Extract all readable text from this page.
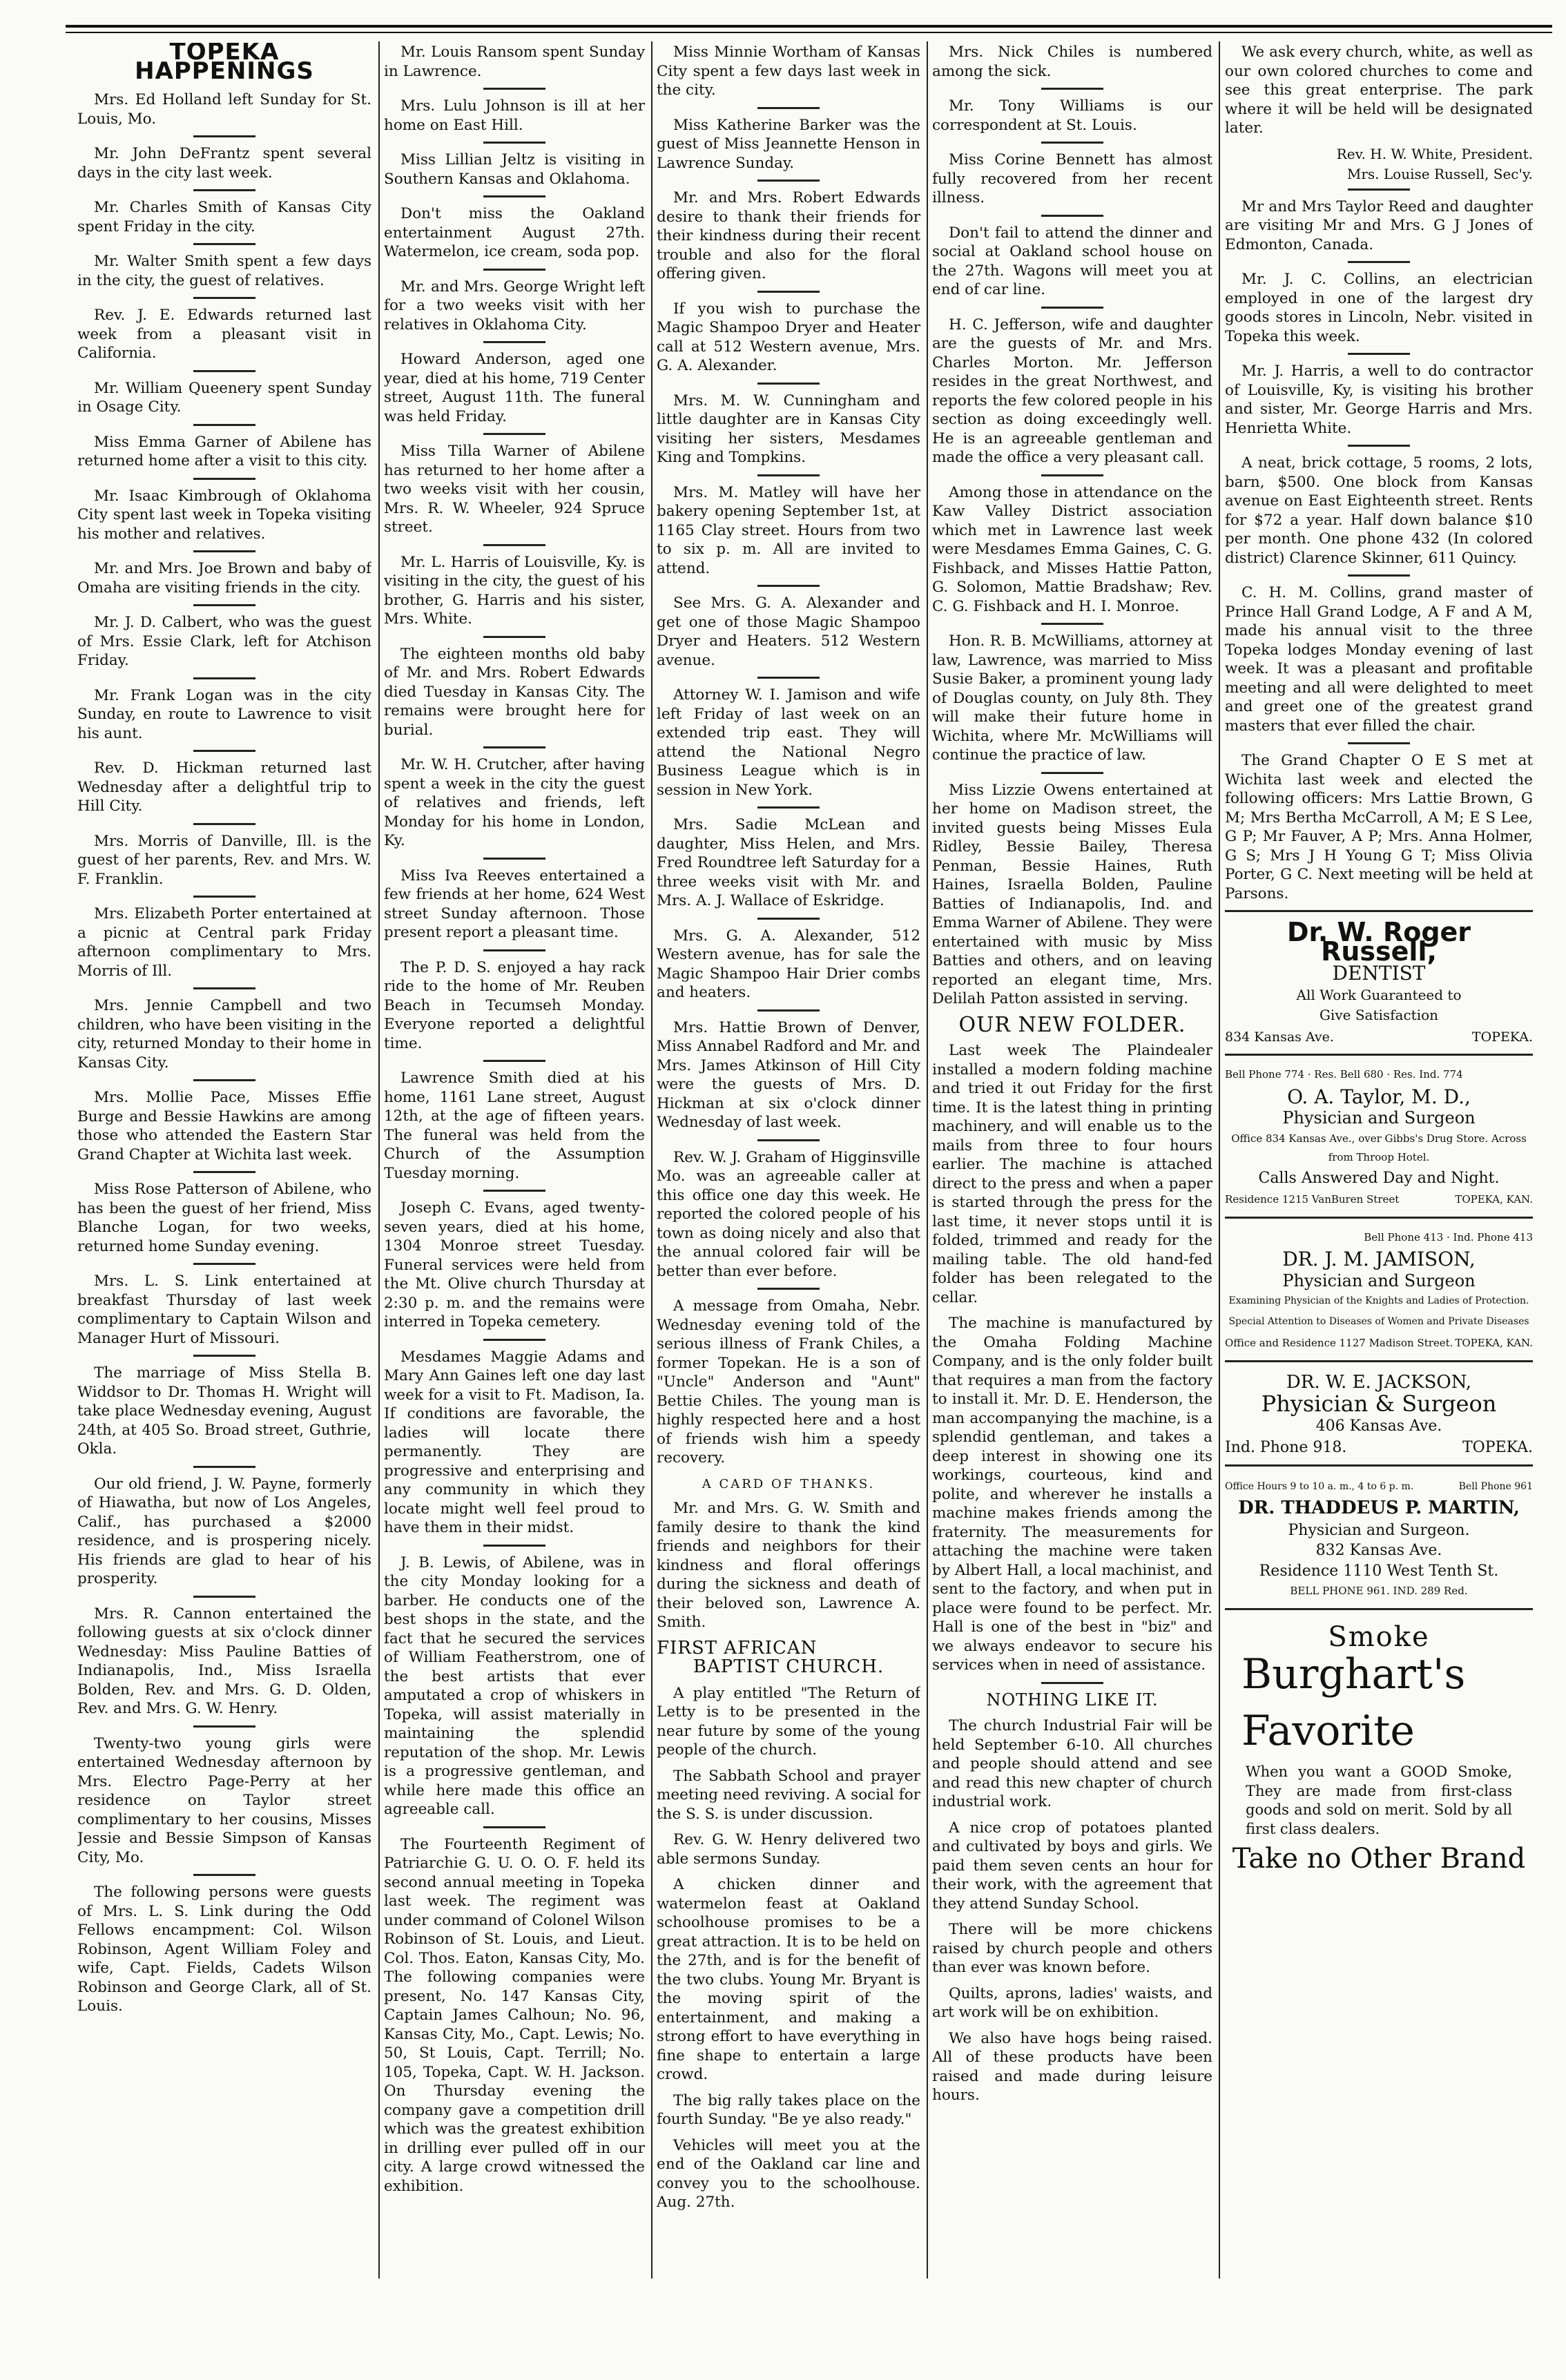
TOPEKA HAPPENINGS

Mrs. Ed Holland left Sunday for St. Louis, Mo.

Mr. John DeFrantz spent several days in the city last week.

Mr. Charles Smith of Kansas City spent Friday in the city.

Mr. Walter Smith spent a few days in the city, the guest of relatives.

Rev. J. E. Edwards returned last week from a pleasant visit in California.

Mr. William Queenery spent Sunday in Osage City.

Miss Emma Garner of Abilene has returned home after a visit to this city.

Mr. Isaac Kimbrough of Oklahoma City spent last week in Topeka visiting his mother and relatives.

Mr. and Mrs. Joe Brown and baby of Omaha are visiting friends in the city.

Mr. J. D. Calbert, who was the guest of Mrs. Essie Clark, left for Atchison Friday.

Mr. Frank Logan was in the city Sunday, en route to Lawrence to visit his aunt.

Rev. D. Hickman returned last Wednesday after a delightful trip to Hill City.

Mrs. Morris of Danville, Ill. is the guest of her parents, Rev. and Mrs. W. F. Franklin.

Mrs. Elizabeth Porter entertained at a picnic at Central park Friday afternoon complimentary to Mrs. Morris of Ill.

Mrs. Jennie Campbell and two children, who have been visiting in the city, returned Monday to their home in Kansas City.

Mrs. Mollie Pace, Misses Effie Burge and Bessie Hawkins are among those who attended the Eastern Star Grand Chapter at Wichita last week.

Miss Rose Patterson of Abilene, who has been the guest of her friend, Miss Blanche Logan, for two weeks, returned home Sunday evening.

Mrs. L. S. Link entertained at breakfast Thursday of last week complimentary to Captain Wilson and Manager Hurt of Missouri.

The marriage of Miss Stella B. Widdsor to Dr. Thomas H. Wright will take place Wednesday evening, August 24th, at 405 So. Broad street, Guthrie, Okla.

Our old friend, J. W. Payne, formerly of Hiawatha, but now of Los Angeles, Calif., has purchased a $2000 residence, and is prospering nicely. His friends are glad to hear of his prosperity.

Mrs. R. Cannon entertained the following guests at six o'clock dinner Wednesday: Miss Pauline Batties of Indianapolis, Ind., Miss Israella Bolden, Rev. and Mrs. G. D. Olden, Rev. and Mrs. G. W. Henry.

Twenty-two young girls were entertained Wednesday afternoon by Mrs. Electro Page-Perry at her residence on Taylor street complimentary to her cousins, Misses Jessie and Bessie Simpson of Kansas City, Mo.

The following persons were guests of Mrs. L. S. Link during the Odd Fellows encampment: Col. Wilson Robinson, Agent William Foley and wife, Capt. Fields, Cadets Wilson Robinson and George Clark, all of St. Louis.

Mr. Louis Ransom spent Sunday in Lawrence.

Mrs. Lulu Johnson is ill at her home on East Hill.

Miss Lillian Jeltz is visiting in Southern Kansas and Oklahoma.

Don't miss the Oakland entertainment August 27th. Watermelon, ice cream, soda pop.

Mr. and Mrs. George Wright left for a two weeks visit with her relatives in Oklahoma City.

Howard Anderson, aged one year, died at his home, 719 Center street, August 11th. The funeral was held Friday.

Miss Tilla Warner of Abilene has returned to her home after a two weeks visit with her cousin, Mrs. R. W. Wheeler, 924 Spruce street.

Mr. L. Harris of Louisville, Ky. is visiting in the city, the guest of his brother, G. Harris and his sister, Mrs. White.

The eighteen months old baby of Mr. and Mrs. Robert Edwards died Tuesday in Kansas City. The remains were brought here for burial.

Mr. W. H. Crutcher, after having spent a week in the city the guest of relatives and friends, left Monday for his home in London, Ky.

Miss Iva Reeves entertained a few friends at her home, 624 West street Sunday afternoon. Those present report a pleasant time.

The P. D. S. enjoyed a hay rack ride to the home of Mr. Reuben Beach in Tecumseh Monday. Everyone reported a delightful time.

Lawrence Smith died at his home, 1161 Lane street, August 12th, at the age of fifteen years. The funeral was held from the Church of the Assumption Tuesday morning.

Joseph C. Evans, aged twenty-seven years, died at his home, 1304 Monroe street Tuesday. Funeral services were held from the Mt. Olive church Thursday at 2:30 p. m. and the remains were interred in Topeka cemetery.

Mesdames Maggie Adams and Mary Ann Gaines left one day last week for a visit to Ft. Madison, Ia. If conditions are favorable, the ladies will locate there permanently. They are progressive and enterprising and any community in which they locate might well feel proud to have them in their midst.

J. B. Lewis, of Abilene, was in the city Monday looking for a barber. He conducts one of the best shops in the state, and the fact that he secured the services of William Featherstrom, one of the best artists that ever amputated a crop of whiskers in Topeka, will assist materially in maintaining the splendid reputation of the shop. Mr. Lewis is a progressive gentleman, and while here made this office an agreeable call.

The Fourteenth Regiment of Patriarchie G. U. O. O. F. held its second annual meeting in Topeka last week. The regiment was under command of Colonel Wilson Robinson of St. Louis, and Lieut. Col. Thos. Eaton, Kansas City, Mo. The following companies were present, No. 147 Kansas City, Captain James Calhoun; No. 96, Kansas City, Mo., Capt. Lewis; No. 50, St Louis, Capt. Terrill; No. 105, Topeka, Capt. W. H. Jackson. On Thursday evening the company gave a competition drill which was the greatest exhibition in drilling ever pulled off in our city. A large crowd witnessed the exhibition.

Miss Minnie Wortham of Kansas City spent a few days last week in the city.

Miss Katherine Barker was the guest of Miss Jeannette Henson in Lawrence Sunday.

Mr. and Mrs. Robert Edwards desire to thank their friends for their kindness during their recent trouble and also for the floral offering given.

If you wish to purchase the Magic Shampoo Dryer and Heater call at 512 Western avenue, Mrs. G. A. Alexander.

Mrs. M. W. Cunningham and little daughter are in Kansas City visiting her sisters, Mesdames King and Tompkins.

Mrs. M. Matley will have her bakery opening September 1st, at 1165 Clay street. Hours from two to six p. m. All are invited to attend.

See Mrs. G. A. Alexander and get one of those Magic Shampoo Dryer and Heaters. 512 Western avenue.

Attorney W. I. Jamison and wife left Friday of last week on an extended trip east. They will attend the National Negro Business League which is in session in New York.

Mrs. Sadie McLean and daughter, Miss Helen, and Mrs. Fred Roundtree left Saturday for a three weeks visit with Mr. and Mrs. A. J. Wallace of Eskridge.

Mrs. G. A. Alexander, 512 Western avenue, has for sale the Magic Shampoo Hair Drier combs and heaters.

Mrs. Hattie Brown of Denver, Miss Annabel Radford and Mr. and Mrs. James Atkinson of Hill City were the guests of Mrs. D. Hickman at six o'clock dinner Wednesday of last week.

Rev. W. J. Graham of Higginsville Mo. was an agreeable caller at this office one day this week. He reported the colored people of his town as doing nicely and also that the annual colored fair will be better than ever before.

A message from Omaha, Nebr. Wednesday evening told of the serious illness of Frank Chiles, a former Topekan. He is a son of "Uncle" Anderson and "Aunt" Bettie Chiles. The young man is highly respected here and a host of friends wish him a speedy recovery.

A CARD OF THANKS.

Mr. and Mrs. G. W. Smith and family desire to thank the kind friends and neighbors for their kindness and floral offerings during the sickness and death of their beloved son, Lawrence A. Smith.

FIRST AFRICAN
BAPTIST CHURCH.

A play entitled "The Return of Letty is to be presented in the near future by some of the young people of the church.

The Sabbath School and prayer meeting need reviving. A social for the S. S. is under discussion.

Rev. G. W. Henry delivered two able sermons Sunday.

A chicken dinner and watermelon feast at Oakland schoolhouse promises to be a great attraction. It is to be held on the 27th, and is for the benefit of the two clubs. Young Mr. Bryant is the moving spirit of the entertainment, and making a strong effort to have everything in fine shape to entertain a large crowd.

The big rally takes place on the fourth Sunday. "Be ye also ready."

Vehicles will meet you at the end of the Oakland car line and convey you to the schoolhouse. Aug. 27th.

Mrs. Nick Chiles is numbered among the sick.

Mr. Tony Williams is our correspondent at St. Louis.

Miss Corine Bennett has almost fully recovered from her recent illness.

Don't fail to attend the dinner and social at Oakland school house on the 27th. Wagons will meet you at end of car line.

H. C. Jefferson, wife and daughter are the guests of Mr. and Mrs. Charles Morton. Mr. Jefferson resides in the great Northwest, and reports the few colored people in his section as doing exceedingly well. He is an agreeable gentleman and made the office a very pleasant call.

Among those in attendance on the Kaw Valley District association which met in Lawrence last week were Mesdames Emma Gaines, C. G. Fishback, and Misses Hattie Patton, G. Solomon, Mattie Bradshaw; Rev. C. G. Fishback and H. I. Monroe.

Hon. R. B. McWilliams, attorney at law, Lawrence, was married to Miss Susie Baker, a prominent young lady of Douglas county, on July 8th. They will make their future home in Wichita, where Mr. McWilliams will continue the practice of law.

Miss Lizzie Owens entertained at her home on Madison street, the invited guests being Misses Eula Ridley, Bessie Bailey, Theresa Penman, Bessie Haines, Ruth Haines, Israella Bolden, Pauline Batties of Indianapolis, Ind. and Emma Warner of Abilene. They were entertained with music by Miss Batties and others, and on leaving reported an elegant time, Mrs. Delilah Patton assisted in serving.

OUR NEW FOLDER.

Last week The Plaindealer installed a modern folding machine and tried it out Friday for the first time. It is the latest thing in printing machinery, and will enable us to the mails from three to four hours earlier. The machine is attached direct to the press and when a paper is started through the press for the last time, it never stops until it is folded, trimmed and ready for the mailing table. The old hand-fed folder has been relegated to the cellar.

The machine is manufactured by the Omaha Folding Machine Company, and is the only folder built that requires a man from the factory to install it. Mr. D. E. Henderson, the man accompanying the machine, is a splendid gentleman, and takes a deep interest in showing one its workings, courteous, kind and polite, and wherever he installs a machine makes friends among the fraternity. The measurements for attaching the machine were taken by Albert Hall, a local machinist, and sent to the factory, and when put in place were found to be perfect. Mr. Hall is one of the best in "biz" and we always endeavor to secure his services when in need of assistance.

NOTHING LIKE IT.

The church Industrial Fair will be held September 6-10. All churches and people should attend and see and read this new chapter of church industrial work.

A nice crop of potatoes planted and cultivated by boys and girls. We paid them seven cents an hour for their work, with the agreement that they attend Sunday School.

There will be more chickens raised by church people and others than ever was known before.

Quilts, aprons, ladies' waists, and art work will be on exhibition.

We also have hogs being raised. All of these products have been raised and made during leisure hours.

We ask every church, white, as well as our own colored churches to come and see this great enterprise. The park where it will be held will be designated later.

Rev. H. W. White, President.
Mrs. Louise Russell, Sec'y.

Mr and Mrs Taylor Reed and daughter are visiting Mr and Mrs. G J Jones of Edmonton, Canada.

Mr. J. C. Collins, an electrician employed in one of the largest dry goods stores in Lincoln, Nebr. visited in Topeka this week.

Mr. J. Harris, a well to do contractor of Louisville, Ky, is visiting his brother and sister, Mr. George Harris and Mrs. Henrietta White.

A neat, brick cottage, 5 rooms, 2 lots, barn, $500. One block from Kansas avenue on East Eighteenth street. Rents for $72 a year. Half down balance $10 per month. One phone 432 (In colored district) Clarence Skinner, 611 Quincy.

C. H. M. Collins, grand master of Prince Hall Grand Lodge, A F and A M, made his annual visit to the three Topeka lodges Monday evening of last week. It was a pleasant and profitable meeting and all were delighted to meet and greet one of the greatest grand masters that ever filled the chair.

The Grand Chapter O E S met at Wichita last week and elected the following officers: Mrs Lattie Brown, G M; Mrs Bertha McCarroll, A M; E S Lee, G P; Mr Fauver, A P; Mrs. Anna Holmer, G S; Mrs J H Young G T; Miss Olivia Porter, G C. Next meeting will be held at Parsons.

Dr. W. Roger Russell,
DENTIST
All Work Guaranteed to
Give Satisfaction
834 Kansas Ave.	TOPEKA.
Bell Phone 774 · Res. Bell 680 · Res. Ind. 774
O. A. Taylor, M. D.,
Physician and Surgeon
Office 834 Kansas Ave., over Gibbs's Drug Store. Across from Throop Hotel.
Calls Answered Day and Night.
Residence 1215 VanBuren Street	TOPEKA, KAN.
Bell Phone 413 · Ind. Phone 413
DR. J. M. JAMISON,
Physician and Surgeon
Examining Physician of the Knights and Ladies of Protection.
Special Attention to Diseases of Women and Private Diseases
Office and Residence 1127 Madison Street. TOPEKA, KAN.
DR. W. E. JACKSON,
Physician & Surgeon
406 Kansas Ave.
Ind. Phone 918.	TOPEKA.
Office Hours 9 to 10 a. m., 4 to 6 p. m.	Bell Phone 961
DR. THADDEUS P. MARTIN,
Physician and Surgeon.
832 Kansas Ave.
Residence 1110 West Tenth St.
BELL PHONE 961. IND. 289 Red.
Smoke

Burghart's

Favorite

When you want a GOOD Smoke, They are made from first-class goods and sold on merit. Sold by all first class dealers.

Take no Other Brand
